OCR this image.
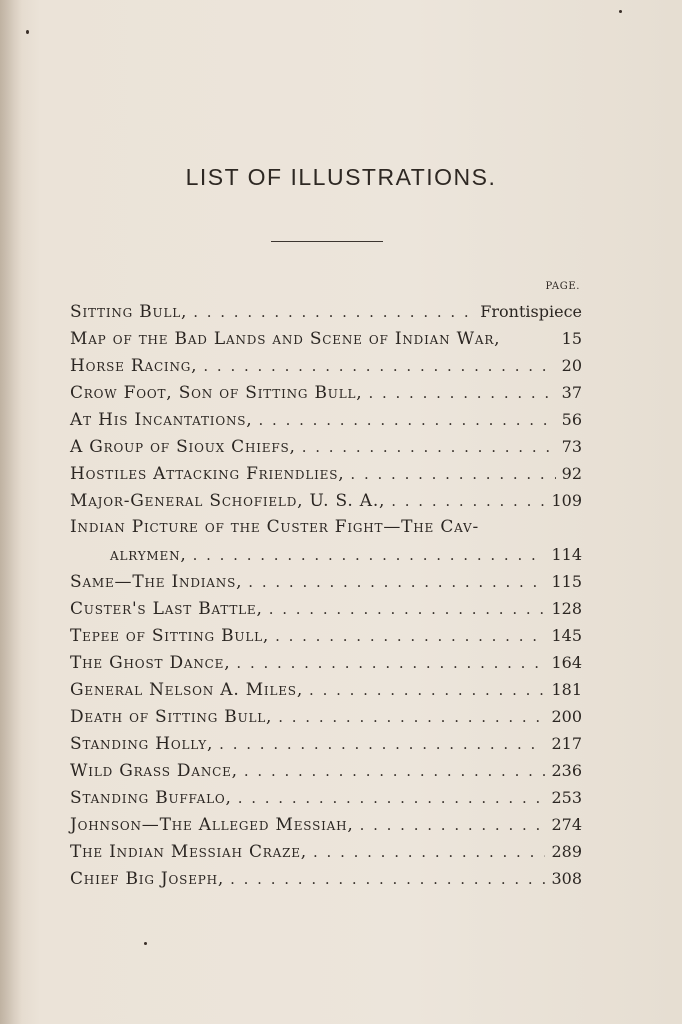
LIST OF ILLUSTRATIONS.
PAGE.
Sitting Bull, . . .	Frontispiece
Map of the Bad Lands and Scene of Indian War,	15
Horse Racing, . . .	20
Crow Foot, Son of Sitting Bull, . . .	37
At His Incantations, . . .	56
A Group of Sioux Chiefs, . . .	73
Hostiles Attacking Friendlies, . . .	92
Major-General Schofield, U. S. A., . . .	109
Indian Picture of the Custer Fight—The Cav-
alrymen, . . .	114
Same—The Indians, . . .	115
Custer's Last Battle, . . .	128
Tepee of Sitting Bull, . . .	145
The Ghost Dance, . . .	164
General Nelson A. Miles, . . .	181
Death of Sitting Bull, . . .	200
Standing Holly, . . .	217
Wild Grass Dance, . . .	236
Standing Buffalo, . . .	253
Johnson—The Alleged Messiah, . . .	274
The Indian Messiah Craze, . . .	289
Chief Big Joseph, . . .	308
